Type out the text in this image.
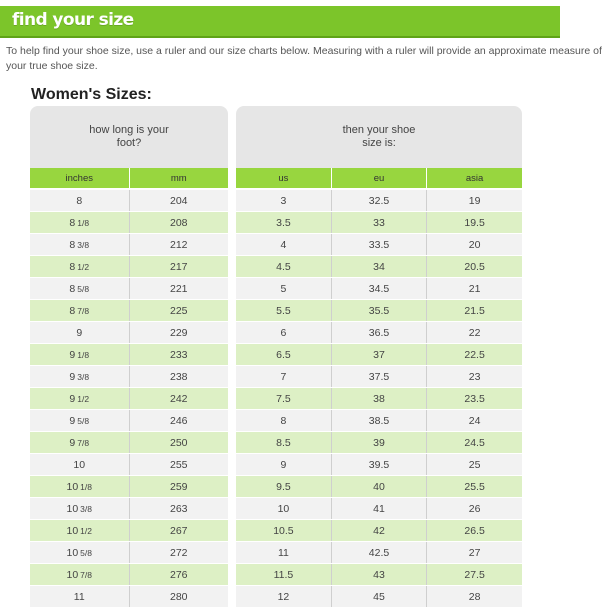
find your size

To help find your shoe size, use a ruler and our size charts below. Measuring with a ruler will provide an approximate measure of
your true shoe size.

Women's Sizes:
how long is your foot?
inches	mm
8	204
8 1/8	208
8 3/8	212
8 1/2	217
8 5/8	221
8 7/8	225
9	229
9 1/8	233
9 3/8	238
9 1/2	242
9 5/8	246
9 7/8	250
10	255
10 1/8	259
10 3/8	263
10 1/2	267
10 5/8	272
10 7/8	276
11	280
then your shoe size is:
us	eu	asia
3	32.5	19
3.5	33	19.5
4	33.5	20
4.5	34	20.5
5	34.5	21
5.5	35.5	21.5
6	36.5	22
6.5	37	22.5
7	37.5	23
7.5	38	23.5
8	38.5	24
8.5	39	24.5
9	39.5	25
9.5	40	25.5
10	41	26
10.5	42	26.5
11	42.5	27
11.5	43	27.5
12	45	28
